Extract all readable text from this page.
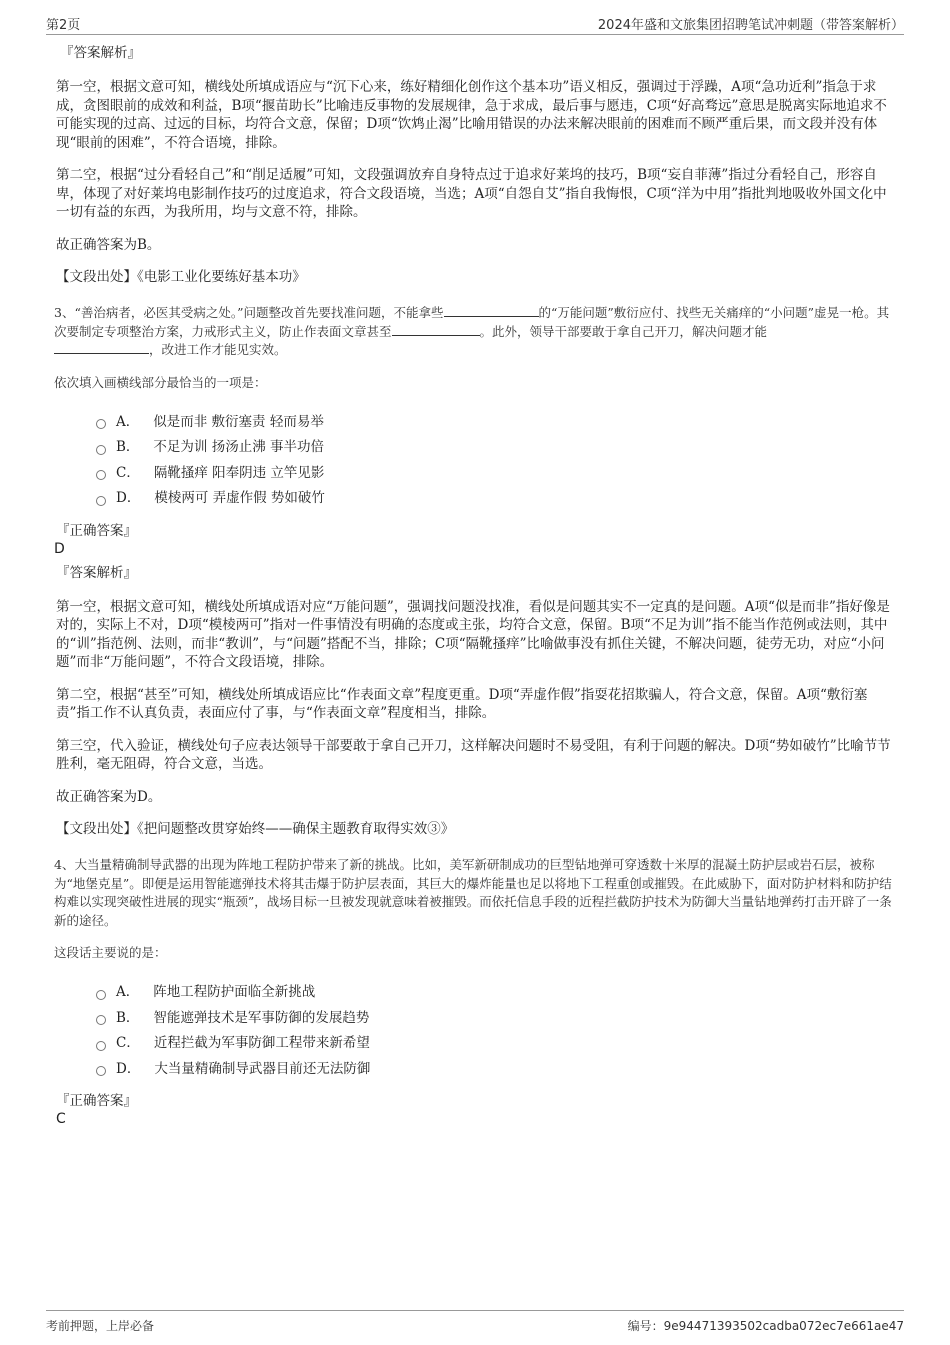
第2页	2024年盛和文旅集团招聘笔试冲刺题（带答案解析）

『答案解析』

第一空，根据文意可知，横线处所填成语应与“沉下心来，练好精细化创作这个基本功”语义相反，强调过于浮躁，A项“急功近利”指急于求成，贪图眼前的成效和利益，B项“揠苗助长”比喻违反事物的发展规律，急于求成，最后事与愿违，C项“好高骛远”意思是脱离实际地追求不可能实现的过高、过远的目标，均符合文意，保留；D项“饮鸩止渴”比喻用错误的办法来解决眼前的困难而不顾严重后果，而文段并没有体现“眼前的困难”，不符合语境，排除。

第二空，根据“过分看轻自己”和“削足适履”可知，文段强调放弃自身特点过于追求好莱坞的技巧，B项“妄自菲薄”指过分看轻自己，形容自卑，体现了对好莱坞电影制作技巧的过度追求，符合文段语境，当选；A项“自怨自艾”指自我悔恨，C项“洋为中用”指批判地吸收外国文化中一切有益的东西，为我所用，均与文意不符，排除。

故正确答案为B。

【文段出处】《电影工业化要练好基本功》

3、“善治病者，必医其受病之处。”问题整改首先要找准问题，不能拿些	的“万能问题”敷衍应付、找些无关痛痒的“小问题”虚晃一枪。其次要制定专项整治方案，力戒形式主义，防止作表面文章甚至	。此外，领导干部要敢于拿自己开刀，解决问题才能
，改进工作才能见实效。

依次填入画横线部分最恰当的一项是：

A． 似是而非 敷衍塞责 轻而易举
B． 不足为训 扬汤止沸 事半功倍
C． 隔靴搔痒 阳奉阴违 立竿见影
D． 模棱两可 弄虚作假 势如破竹

『正确答案』

D

『答案解析』

第一空，根据文意可知，横线处所填成语对应“万能问题”，强调找问题没找准，看似是问题其实不一定真的是问题。A项“似是而非”指好像是对的，实际上不对，D项“模棱两可”指对一件事情没有明确的态度或主张，均符合文意，保留。B项“不足为训”指不能当作范例或法则，其中的“训”指范例、法则，而非“教训”，与“问题”搭配不当，排除；C项“隔靴搔痒”比喻做事没有抓住关键，不解决问题，徒劳无功，对应“小问题”而非“万能问题”，不符合文段语境，排除。

第二空，根据“甚至”可知，横线处所填成语应比“作表面文章”程度更重。D项“弄虚作假”指耍花招欺骗人，符合文意，保留。A项“敷衍塞责”指工作不认真负责，表面应付了事，与“作表面文章”程度相当，排除。

第三空，代入验证，横线处句子应表达领导干部要敢于拿自己开刀，这样解决问题时不易受阻，有利于问题的解决。D项“势如破竹”比喻节节胜利，毫无阻碍，符合文意，当选。

故正确答案为D。

【文段出处】《把问题整改贯穿始终——确保主题教育取得实效③》

4、大当量精确制导武器的出现为阵地工程防护带来了新的挑战。比如，美军新研制成功的巨型钻地弹可穿透数十米厚的混凝土防护层或岩石层，被称为“地堡克星”。即便是运用智能遮弹技术将其击爆于防护层表面，其巨大的爆炸能量也足以将地下工程重创或摧毁。在此威胁下，面对防护材料和防护结构难以实现突破性进展的现实“瓶颈”，战场目标一旦被发现就意味着被摧毁。而依托信息手段的近程拦截防护技术为防御大当量钻地弹药打击开辟了一条新的途径。

这段话主要说的是：

A． 阵地工程防护面临全新挑战
B． 智能遮弹技术是军事防御的发展趋势
C． 近程拦截为军事防御工程带来新希望
D． 大当量精确制导武器目前还无法防御

『正确答案』

C

考前押题，上岸必备	编号：9e94471393502cadba072ec7e661ae47
